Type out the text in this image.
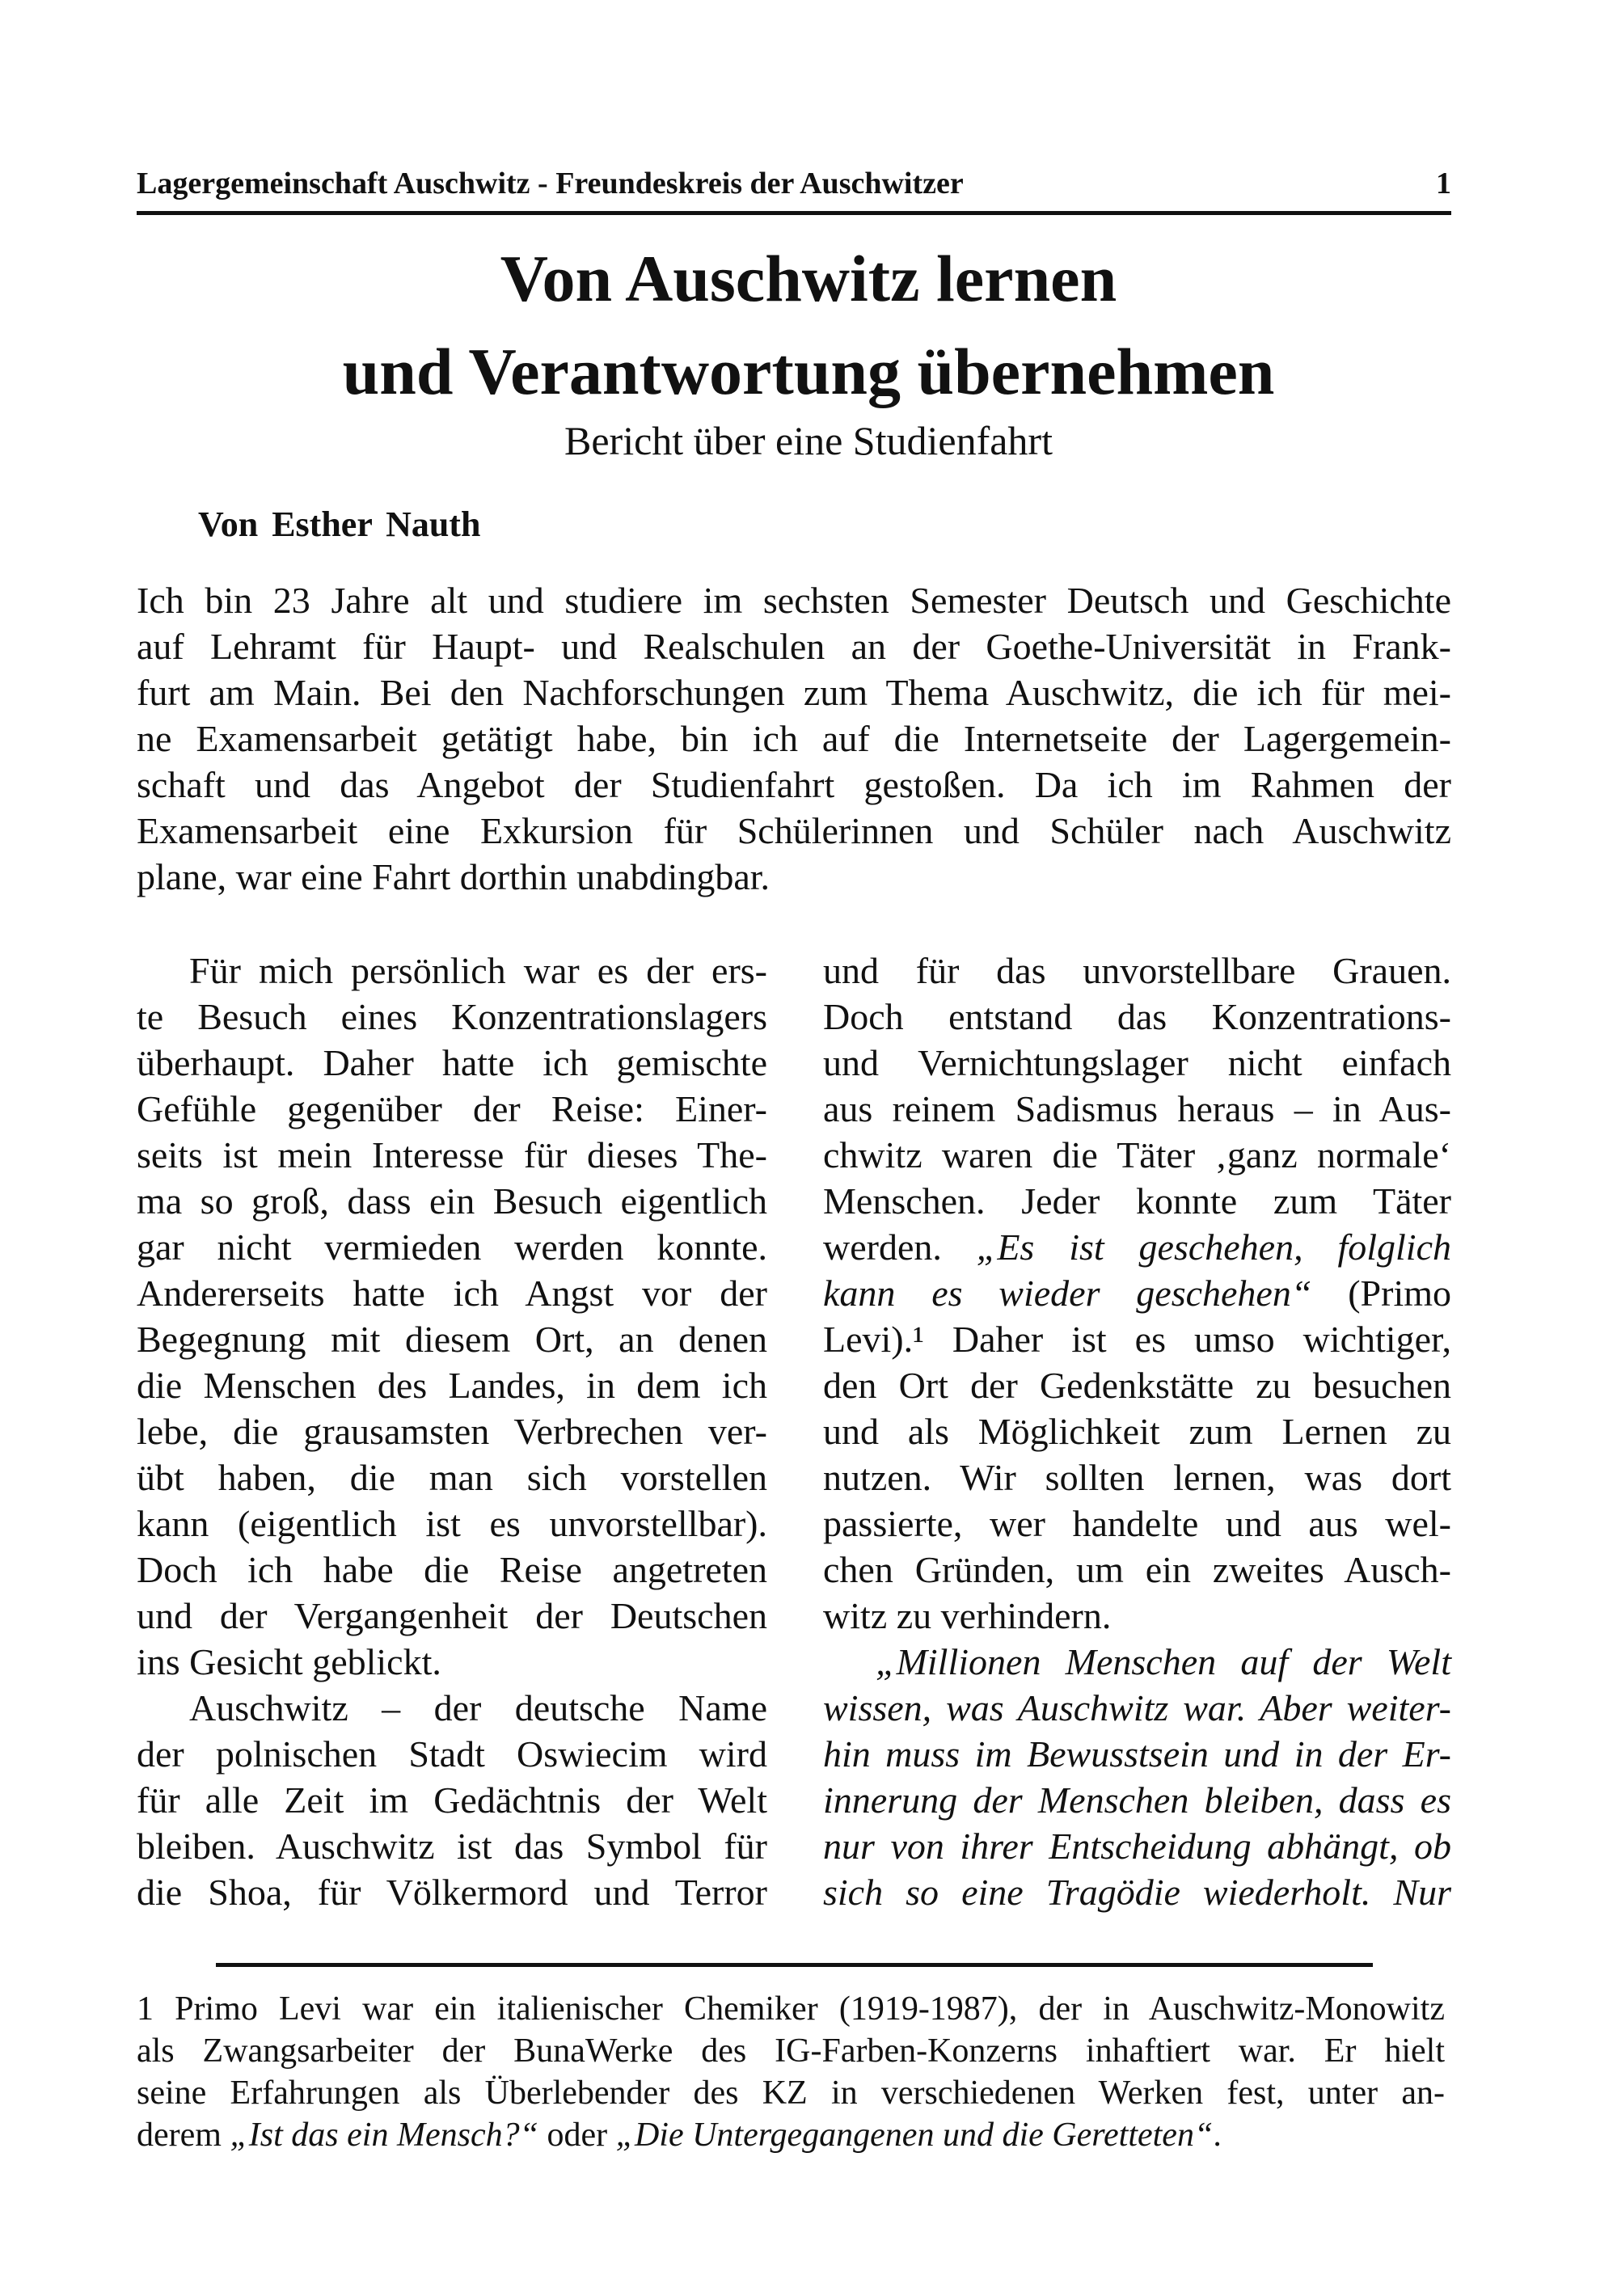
Lagergemeinschaft Auschwitz - Freundeskreis der Auschwitzer	1
Von Auschwitz lernen
und Verantwortung übernehmen
Bericht über eine Studienfahrt
Von Esther Nauth
Ich bin 23 Jahre alt und studiere im sechsten Semester Deutsch und Geschichte
auf Lehramt für Haupt- und Realschulen an der Goethe-Universität in Frank-
furt am Main. Bei den Nachforschungen zum Thema Auschwitz, die ich für mei-
ne Examensarbeit getätigt habe, bin ich auf die Internetseite der Lagergemein-
schaft und das Angebot der Studienfahrt gestoßen. Da ich im Rahmen der
Examensarbeit eine Exkursion für Schülerinnen und Schüler nach Auschwitz
plane, war eine Fahrt dorthin unabdingbar.
Für mich persönlich war es der ers-
te Besuch eines Konzentrationslagers
überhaupt. Daher hatte ich gemischte
Gefühle gegenüber der Reise: Einer-
seits ist mein Interesse für dieses The-
ma so groß, dass ein Besuch eigentlich
gar nicht vermieden werden konnte.
Andererseits hatte ich Angst vor der
Begegnung mit diesem Ort, an denen
die Menschen des Landes, in dem ich
lebe, die grausamsten Verbrechen ver-
übt haben, die man sich vorstellen
kann (eigentlich ist es unvorstellbar).
Doch ich habe die Reise angetreten
und der Vergangenheit der Deutschen
ins Gesicht geblickt.
Auschwitz – der deutsche Name
der polnischen Stadt Oswiecim wird
für alle Zeit im Gedächtnis der Welt
bleiben. Auschwitz ist das Symbol für
die Shoa, für Völkermord und Terror
und für das unvorstellbare Grauen.
Doch entstand das Konzentrations-
und Vernichtungslager nicht einfach
aus reinem Sadismus heraus – in Aus-
chwitz waren die Täter ‚ganz normale‘
Menschen. Jeder konnte zum Täter
werden. „Es ist geschehen, folglich
kann es wieder geschehen“ (Primo
Levi).¹ Daher ist es umso wichtiger,
den Ort der Gedenkstätte zu besuchen
und als Möglichkeit zum Lernen zu
nutzen. Wir sollten lernen, was dort
passierte, wer handelte und aus wel-
chen Gründen, um ein zweites Ausch-
witz zu verhindern.
„Millionen Menschen auf der Welt
wissen, was Auschwitz war. Aber weiter-
hin muss im Bewusstsein und in der Er-
innerung der Menschen bleiben, dass es
nur von ihrer Entscheidung abhängt, ob
sich so eine Tragödie wiederholt. Nur
1 Primo Levi war ein italienischer Chemiker (1919-1987), der in Auschwitz-Monowitz
als Zwangsarbeiter der BunaWerke des IG-Farben-Konzerns inhaftiert war. Er hielt
seine Erfahrungen als Überlebender des KZ in verschiedenen Werken fest, unter an-
derem „Ist das ein Mensch?“ oder „Die Untergegangenen und die Geretteten“.
